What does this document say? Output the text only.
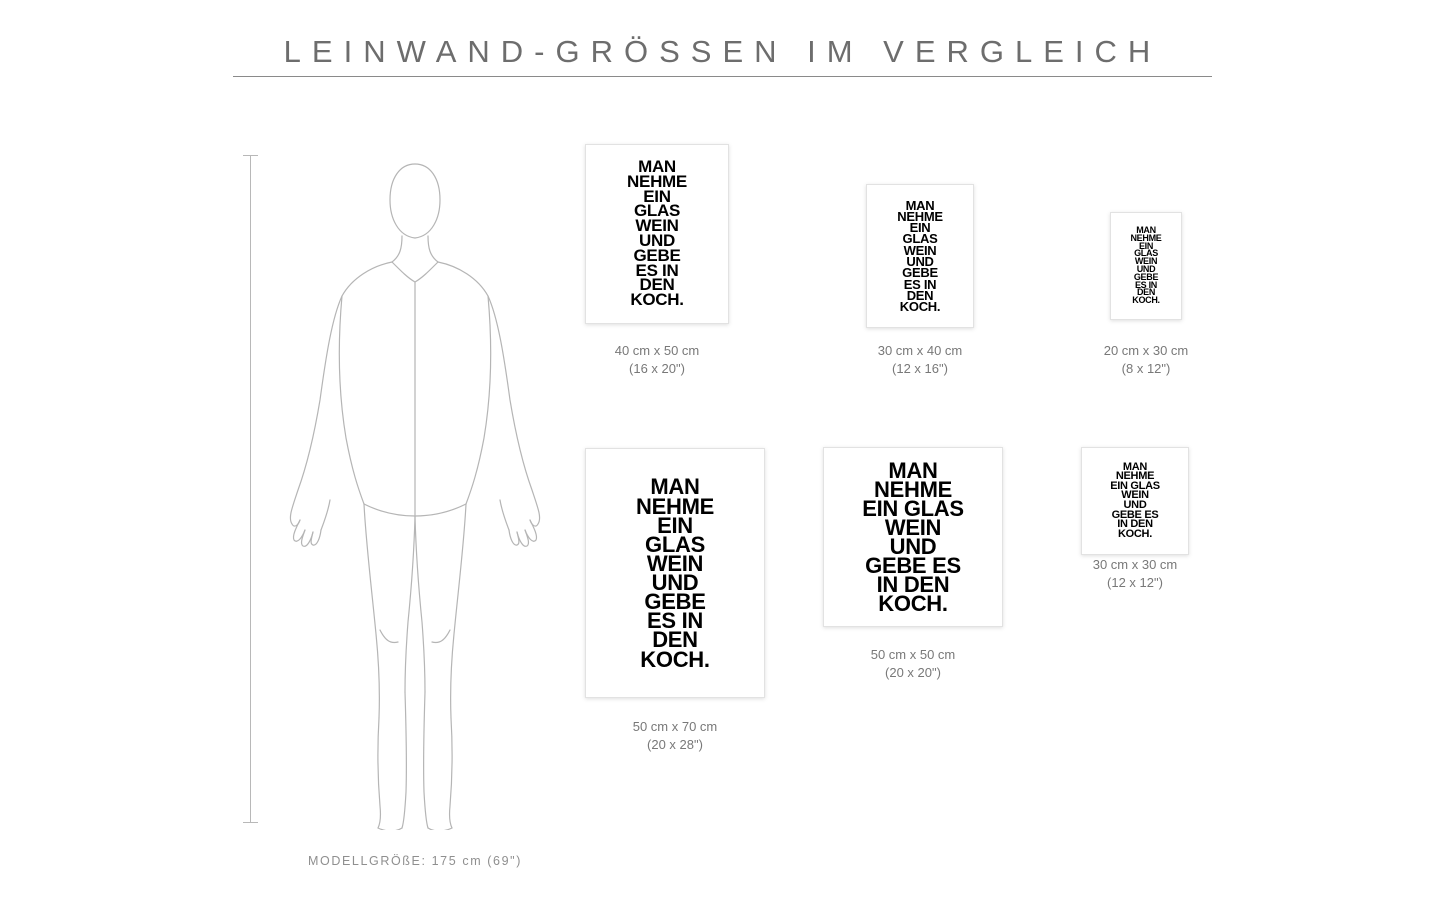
LEINWAND-GRÖSSEN IM VERGLEICH
MODELLGRÖßE: 175 cm (69")
MAN
NEHME
EIN
GLAS
WEIN
UND
GEBE
ES IN
DEN
KOCH.
40 cm x 50 cm
(16 x 20")
MAN
NEHME
EIN
GLAS
WEIN
UND
GEBE
ES IN
DEN
KOCH.
30 cm x 40 cm
(12 x 16")
MAN
NEHME
EIN
GLAS
WEIN
UND
GEBE
ES IN
DEN
KOCH.
20 cm x 30 cm
(8 x 12")
MAN
NEHME
EIN
GLAS
WEIN
UND
GEBE
ES IN
DEN
KOCH.
50 cm x 70 cm
(20 x 28")
MAN
NEHME
EIN GLAS
WEIN
UND
GEBE ES
IN DEN
KOCH.
50 cm x 50 cm
(20 x 20")
MAN
NEHME
EIN GLAS
WEIN
UND
GEBE ES
IN DEN
KOCH.
30 cm x 30 cm
(12 x 12")
